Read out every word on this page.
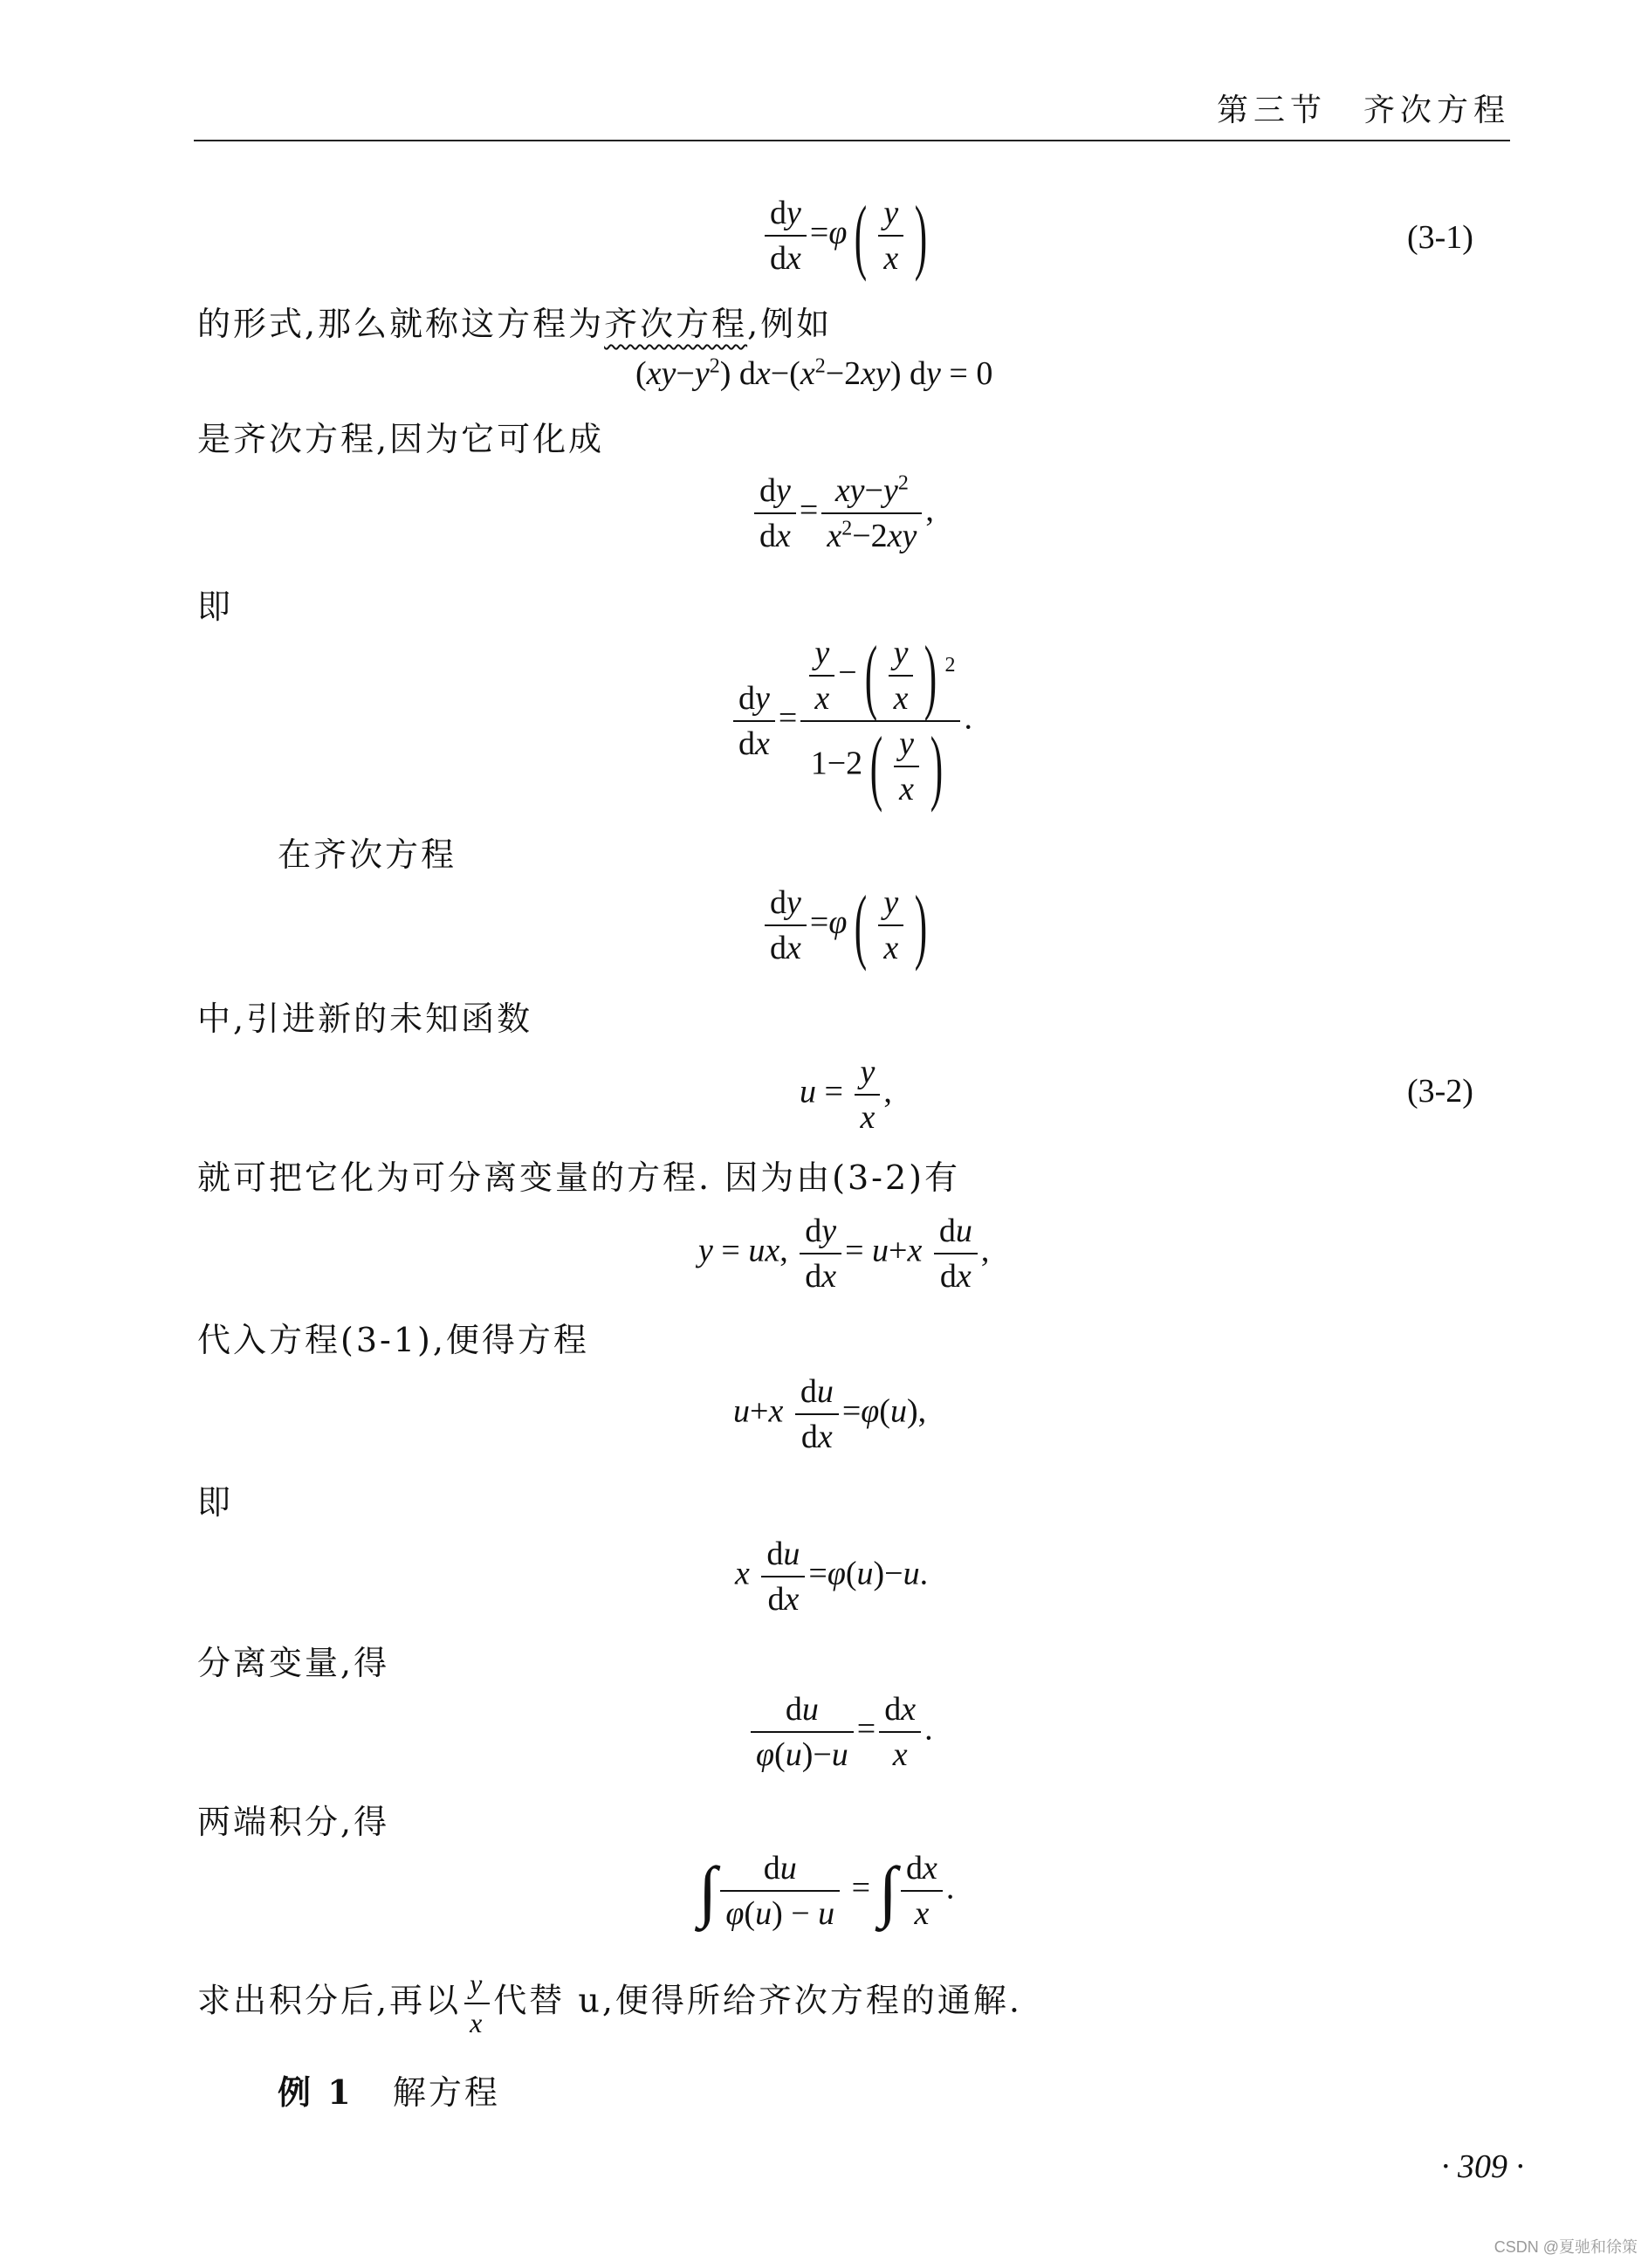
第三节　齐次方程
$\frac{dy}{dx} =\varphi( \frac{y}{x}$ )	(3-1)
的形式,那么就称这方程为齐次方程,例如
$(xy-y^2)$ $dx-(x^2-2xy)$ dy = 0
是齐次方程,因为它可化成
$\frac{dy}{dx} = \frac{xy-y^2}{x^2-2xy}$ ,
即
$\frac{dy}{dx} = \frac{\frac{y}{x} -( \frac{y}{x} ) ^2}{1-2( \frac{y}{x} )}$ .
在齐次方程
$\frac{dy}{dx} =\varphi( \frac{y}{x}$ )
中,引进新的未知函数
$u = \frac{y}{x}$ ,	(3-2)
就可把它化为可分离变量的方程. 因为由(3-2)有
y = ux, $\frac{dy}{dx} = u+x \frac{du}{dx}$ ,
代入方程(3-1),便得方程
$u+x \frac{du}{dx} =\varphi(u)$,
即
x $\frac{du}{dx} =\varphi(u)-u$.
分离变量,得
$\frac{du}{\varphi(u)-u} = \frac{dx}{x}$ .
两端积分,得
∫ $\frac{du}{\varphi(u) - u}$ = ∫ $\frac{dx}{x}$ .
求出积分后,再以 $\frac{y}{x}$ 代替 u,便得所给齐次方程的通解.
例 1 解方程
· 309 ·
CSDN @夏驰和徐策
